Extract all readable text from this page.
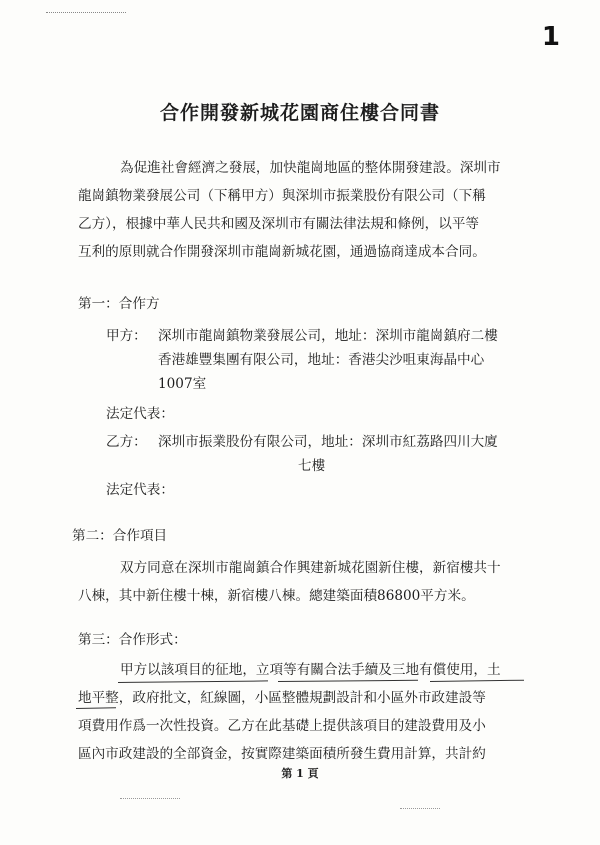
1
合作開發新城花園商住樓合同書
為促進社會經濟之發展，加快龍崗地區的整体開發建設。深圳市
龍崗鎮物業發展公司（下稱甲方）與深圳市振業股份有限公司（下稱
乙方），根據中華人民共和國及深圳市有關法律法規和條例，以平等
互利的原則就合作開發深圳市龍崗新城花園，通過協商達成本合同。
第一：合作方
甲方： 深圳市龍崗鎮物業發展公司，地址：深圳市龍崗鎮府二樓
香港雄豐集團有限公司，地址：香港尖沙咀東海晶中心
1007室
法定代表：
乙方： 深圳市振業股份有限公司，地址：深圳市紅荔路四川大廈
七樓
法定代表：
第二：合作項目
双方同意在深圳市龍崗鎮合作興建新城花園新住樓，新宿樓共十
八棟，其中新住樓十棟，新宿樓八棟。總建築面積86800平方米。
第三：合作形式：
甲方以該項目的征地，立項等有關合法手續及三地有償使用，土
地平整，政府批文，紅線圖，小區整體規劃設計和小區外市政建設等
項費用作爲一次性投資。乙方在此基礎上提供該項目的建設費用及小
區內市政建設的全部資金，按實際建築面積所發生費用計算，共計約
第 1 頁
